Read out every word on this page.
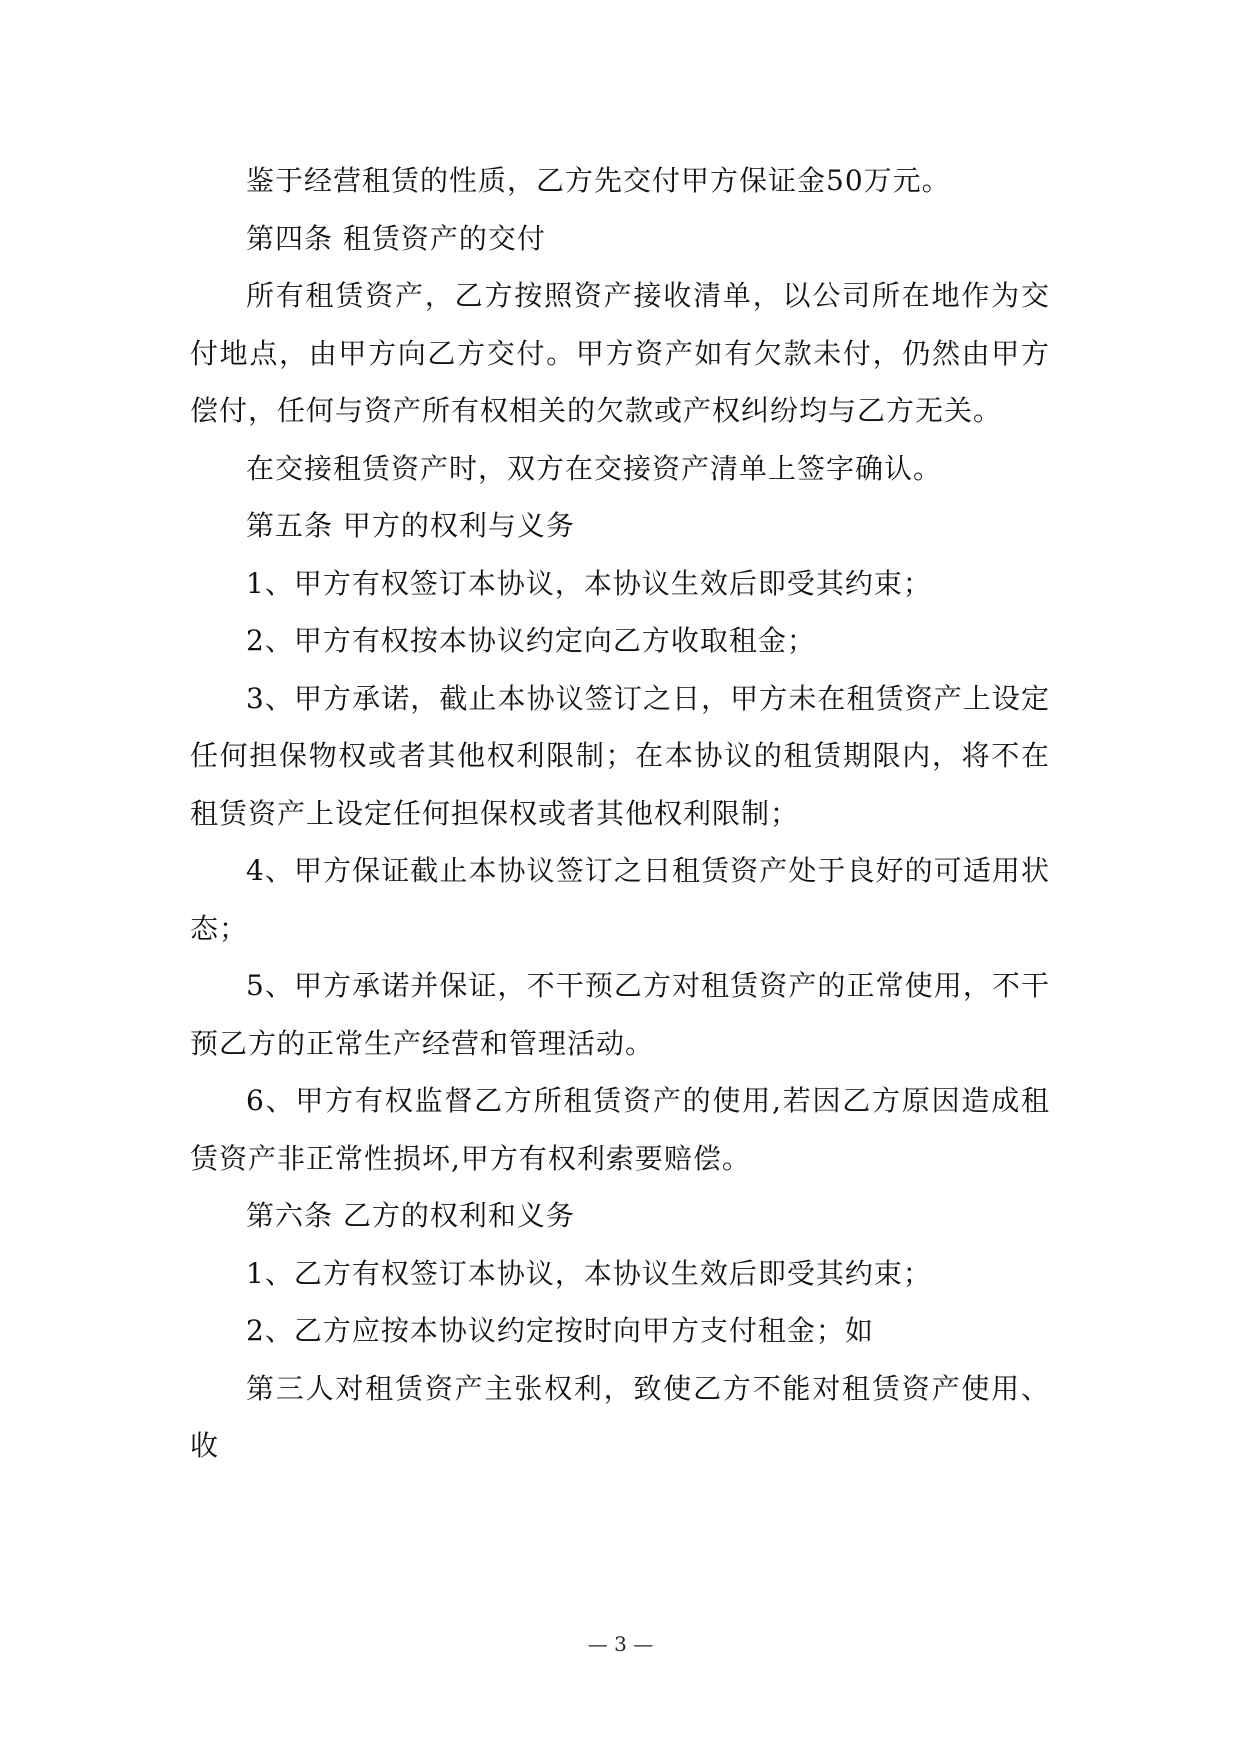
鉴于经营租赁的性质，乙方先交付甲方保证金50万元。

第四条 租赁资产的交付

所有租赁资产，乙方按照资产接收清单，以公司所在地作为交付地点，由甲方向乙方交付。甲方资产如有欠款未付，仍然由甲方偿付，任何与资产所有权相关的欠款或产权纠纷均与乙方无关。

在交接租赁资产时，双方在交接资产清单上签字确认。

第五条 甲方的权利与义务

1、甲方有权签订本协议，本协议生效后即受其约束；

2、甲方有权按本协议约定向乙方收取租金；

3、甲方承诺，截止本协议签订之日，甲方未在租赁资产上设定任何担保物权或者其他权利限制；在本协议的租赁期限内，将不在租赁资产上设定任何担保权或者其他权利限制；

4、甲方保证截止本协议签订之日租赁资产处于良好的可适用状态；

5、甲方承诺并保证，不干预乙方对租赁资产的正常使用，不干预乙方的正常生产经营和管理活动。

6、甲方有权监督乙方所租赁资产的使用,若因乙方原因造成租赁资产非正常性损坏,甲方有权利索要赔偿。

第六条 乙方的权利和义务

1、乙方有权签订本协议，本协议生效后即受其约束；

2、乙方应按本协议约定按时向甲方支付租金；如

第三人对租赁资产主张权利，致使乙方不能对租赁资产使用、收

— 3 —
